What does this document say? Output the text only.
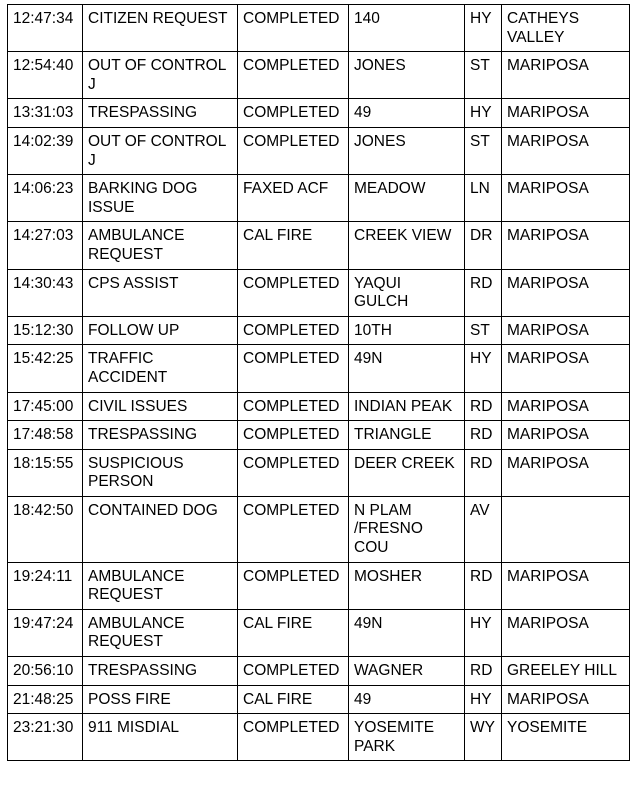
12:47:34	CITIZEN REQUEST	COMPLETED	140	HY	CATHEYS
VALLEY
12:54:40	OUT OF CONTROL
J	COMPLETED	JONES	ST	MARIPOSA
13:31:03	TRESPASSING	COMPLETED	49	HY	MARIPOSA
14:02:39	OUT OF CONTROL
J	COMPLETED	JONES	ST	MARIPOSA
14:06:23	BARKING DOG
ISSUE	FAXED ACF	MEADOW	LN	MARIPOSA
14:27:03	AMBULANCE
REQUEST	CAL FIRE	CREEK VIEW	DR	MARIPOSA
14:30:43	CPS ASSIST	COMPLETED	YAQUI
GULCH	RD	MARIPOSA
15:12:30	FOLLOW UP	COMPLETED	10TH	ST	MARIPOSA
15:42:25	TRAFFIC
ACCIDENT	COMPLETED	49N	HY	MARIPOSA
17:45:00	CIVIL ISSUES	COMPLETED	INDIAN PEAK	RD	MARIPOSA
17:48:58	TRESPASSING	COMPLETED	TRIANGLE	RD	MARIPOSA
18:15:55	SUSPICIOUS
PERSON	COMPLETED	DEER CREEK	RD	MARIPOSA
18:42:50	CONTAINED DOG	COMPLETED	N PLAM
/FRESNO
COU	AV	
19:24:11	AMBULANCE
REQUEST	COMPLETED	MOSHER	RD	MARIPOSA
19:47:24	AMBULANCE
REQUEST	CAL FIRE	49N	HY	MARIPOSA
20:56:10	TRESPASSING	COMPLETED	WAGNER	RD	GREELEY HILL
21:48:25	POSS FIRE	CAL FIRE	49	HY	MARIPOSA
23:21:30	911 MISDIAL	COMPLETED	YOSEMITE
PARK	WY	YOSEMITE
